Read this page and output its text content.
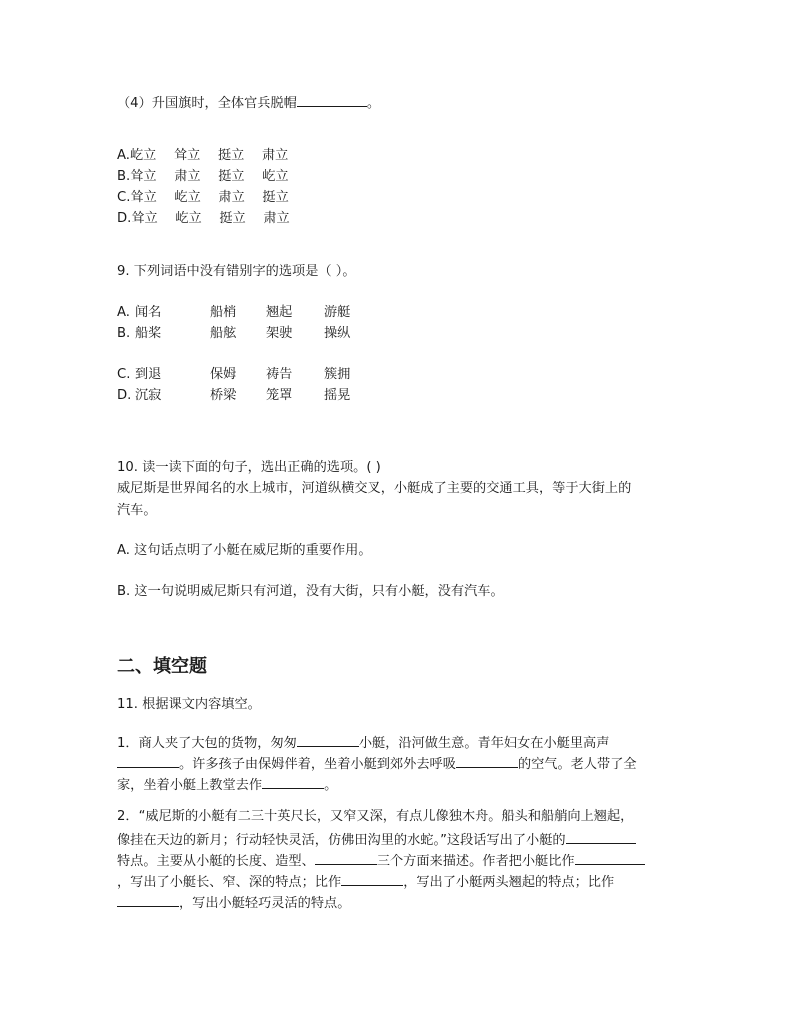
（4）升国旗时，全体官兵脱帽	。
A.屹立 耸立 挺立 肃立
B.耸立 肃立 挺立 屹立
C.耸立 屹立 肃立 挺立
D.耸立 屹立 挺立 肃立
9. 下列词语中没有错别字的选项是（ ）。
A.闻名	船梢 翘起 游艇
B.船桨	船舷 架驶 操纵
C.到退	保姆 祷告 簇拥
D.沉寂	桥梁 笼罩 摇晃
10. 读一读下面的句子，选出正确的选项。( )
威尼斯是世界闻名的水上城市，河道纵横交叉，小艇成了主要的交通工具，等于大街上的
汽车。
A. 这句话点明了小艇在威尼斯的重要作用。
B. 这一句说明威尼斯只有河道，没有大街，只有小艇，没有汽车。
二、填空题
11. 根据课文内容填空。
1．商人夹了大包的货物，匆匆	小艇，沿河做生意。青年妇女在小艇里高声
。许多孩子由保姆伴着，坐着小艇到郊外去呼吸	的空气。老人带了全
家，坐着小艇上教堂去作	。
2．“威尼斯的小艇有二三十英尺长，又窄又深，有点儿像独木舟。船头和船艄向上翘起，
像挂在天边的新月；行动轻快灵活，仿佛田沟里的水蛇。”这段话写出了小艇的
特点。主要从小艇的长度、造型、	三个方面来描述。作者把小艇比作
，写出了小艇长、窄、深的特点；比作	，写出了小艇两头翘起的特点；比作
，写出小艇轻巧灵活的特点。
